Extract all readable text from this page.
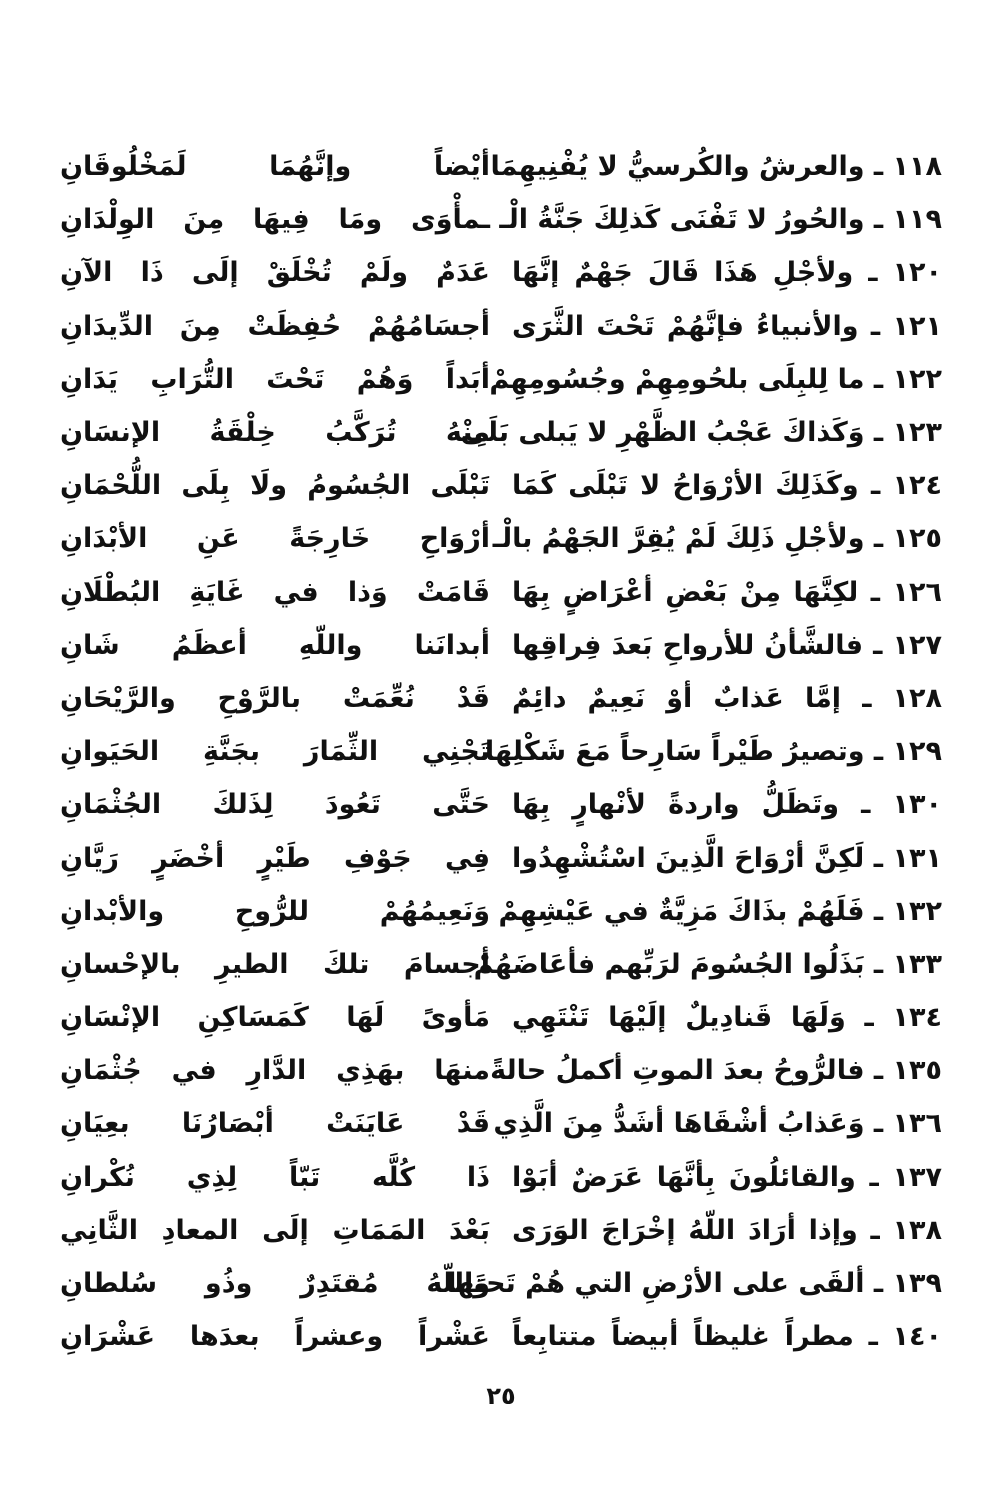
١١٨ ـ والعرشُ والكُرسيُّ لا يُفْنِيهِمَا
أيْضاً وإنَّهُمَا لَمَخْلُوقَانِ
١١٩ ـ والحُورُ لا تَفْنَى كَذلِكَ جَنَّةُ الْـ
ـمأْوَى ومَا فِيهَا مِنَ الوِلْدَانِ
١٢٠ ـ ولأجْلِ هَذَا قَالَ جَهْمٌ إنَّهَا
عَدَمٌ ولَمْ تُخْلَقْ إلَى ذَا الآنِ
١٢١ ـ والأنبياءُ فإنَّهُمْ تَحْتَ الثَّرَى
أجسَامُهُمْ حُفِظَتْ مِنَ الدِّيدَانِ
١٢٢ ـ ما لِلبِلَى بلحُومِهِمْ وجُسُومِهِمْ
أبَداً وَهُمْ تَحْتَ التُّرَابِ يَدَانِ
١٢٣ ـ وَكَذاكَ عَجْبُ الظَّهْرِ لا يَبلى بَلَى
مِنْهُ تُرَكَّبُ خِلْقَةُ الإنسَانِ
١٢٤ ـ وكَذَلِكَ الأرْوَاحُ لا تَبْلَى كَمَا
تَبْلَى الجُسُومُ ولَا بِلَى اللُّحْمَانِ
١٢٥ ـ ولأجْلِ ذَلِكَ لَمْ يُقِرَّ الجَهْمُ بالْـ
أرْوَاحِ خَارِجَةً عَنِ الأبْدَانِ
١٢٦ ـ لكِنَّهَا مِنْ بَعْضِ أعْرَاضٍ بِهَا
قَامَتْ وَذا في غَايَةِ البُطْلَانِ
١٢٧ ـ فالشَّأنُ للأرواحِ بَعدَ فِراقِها
أبدانَنا واللّهِ أعظَمُ شَانِ
١٢٨ ـ إمَّا عَذابٌ أوْ نَعِيمٌ دائِمٌ
قَدْ نُعِّمَتْ بالرَّوْحِ والرَّيْحَانِ
١٢٩ ـ وتصيرُ طَيْراً سَارِحاً مَعَ شَكْلِهَا
تَجْنِي الثِّمَارَ بجَنَّةِ الحَيَوانِ
١٣٠ ـ وتَظَلُّ واردةً لأنْهارٍ بِهَا
حَتَّى تَعُودَ لِذَلكَ الجُثْمَانِ
١٣١ ـ لَكِنَّ أرْوَاحَ الَّذِينَ اسْتُشْهِدُوا
فِي جَوْفِ طَيْرٍ أخْضَرٍ رَيَّانِ
١٣٢ ـ فَلَهُمْ بذَاكَ مَزِيَّةٌ في عَيْشِهِمْ
وَنَعِيمُهُمْ للرُّوحِ والأبْدانِ
١٣٣ ـ بَذَلُوا الجُسُومَ لرَبِّهم فأعَاضَهُمْ
أجسامَ تلكَ الطيرِ بالإحْسانِ
١٣٤ ـ وَلَهَا قَنادِيلٌ إلَيْهَا تَنْتَهِي
مَأوىً لَهَا كَمَسَاكِنِ الإنْسَانِ
١٣٥ ـ فالرُّوحُ بعدَ الموتِ أكملُ حالةً
منهَا بهَذِي الدَّارِ في جُثْمَانِ
١٣٦ ـ وَعَذابُ أشْقَاهَا أشَدُّ مِنَ الَّذِي
قَدْ عَايَنَتْ أبْصَارُنَا بعِيَانِ
١٣٧ ـ والقائلُونَ بِأنَّهَا عَرَضٌ أبَوْا
ذَا كُلَّه تَبّاً لِذِي نُكْرانِ
١٣٨ ـ وإذا أرَادَ اللّهُ إخْرَاجَ الوَرَى
بَعْدَ المَمَاتِ إلَى المعادِ الثَّانِي
١٣٩ ـ ألقَى على الأرْضِ التي هُمْ تَحتَها
وَاللّهُ مُقتَدِرٌ وذُو سُلطانِ
١٤٠ ـ مطراً غليظاً أبيضاً متتابِعاً
عَشْراً وعشراً بعدَها عَشْرَانِ
٢٥
